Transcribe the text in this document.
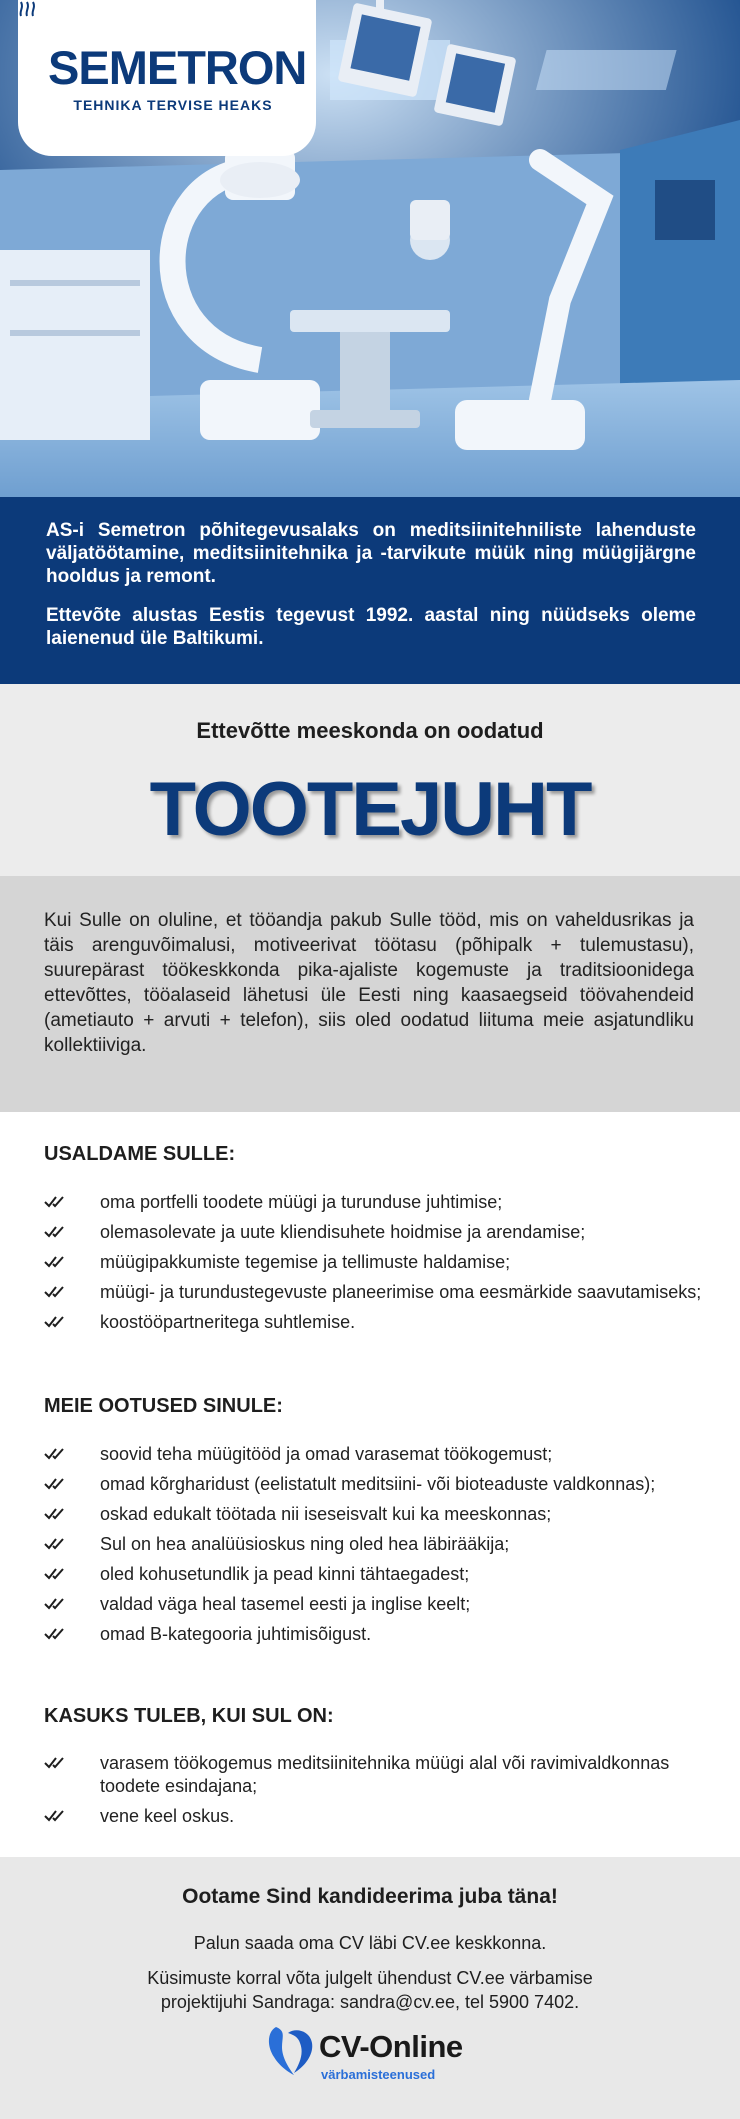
SEMETRON
TEHNIKA TERVISE HEAKS

AS-i Semetron põhitegevusalaks on meditsiinitehniliste lahenduste väljatöötamine, meditsiinitehnika ja -tarvikute müük ning müügijärgne hooldus ja remont.

Ettevõte alustas Eestis tegevust 1992. aastal ning nüüdseks oleme laienenud üle Baltikumi.

Ettevõtte meeskonda on oodatud
TOOTEJUHT

Kui Sulle on oluline, et tööandja pakub Sulle tööd, mis on vaheldusrikas ja täis arenguvõimalusi, motiveerivat töötasu (põhipalk + tulemustasu), suurepärast töökeskkonda pika-ajaliste kogemuste ja traditsioonidega ettevõttes, tööalaseid lähetusi üle Eesti ning kaasaegseid töövahendeid (ametiauto + arvuti + telefon), siis oled oodatud liituma meie asjatundliku kollektiiviga.

USALDAME SULLE:
oma portfelli toodete müügi ja turunduse juhtimise;
olemasolevate ja uute kliendisuhete hoidmise ja arendamise;
müügipakkumiste tegemise ja tellimuste haldamise;
müügi- ja turundustegevuste planeerimise oma eesmärkide saavutamiseks;
koostööpartneritega suhtlemise.
MEIE OOTUSED SINULE:
soovid teha müügitööd ja omad varasemat töökogemust;
omad kõrgharidust (eelistatult meditsiini- või bioteaduste valdkonnas);
oskad edukalt töötada nii iseseisvalt kui ka meeskonnas;
Sul on hea analüüsioskus ning oled hea läbirääkija;
oled kohusetundlik ja pead kinni tähtaegadest;
valdad väga heal tasemel eesti ja inglise keelt;
omad B-kategooria juhtimisõigust.
KASUKS TULEB, KUI SUL ON:
varasem töökogemus meditsiinitehnika müügi alal või ravimivaldkonnas toodete esindajana;
vene keel oskus.
Ootame Sind kandideerima juba täna!
Palun saada oma CV läbi CV.ee keskkonna.
Küsimuste korral võta julgelt ühendust CV.ee värbamise
projektijuhi Sandraga: sandra@cv.ee, tel 5900 7402.
CV-Online
värbamisteenused
